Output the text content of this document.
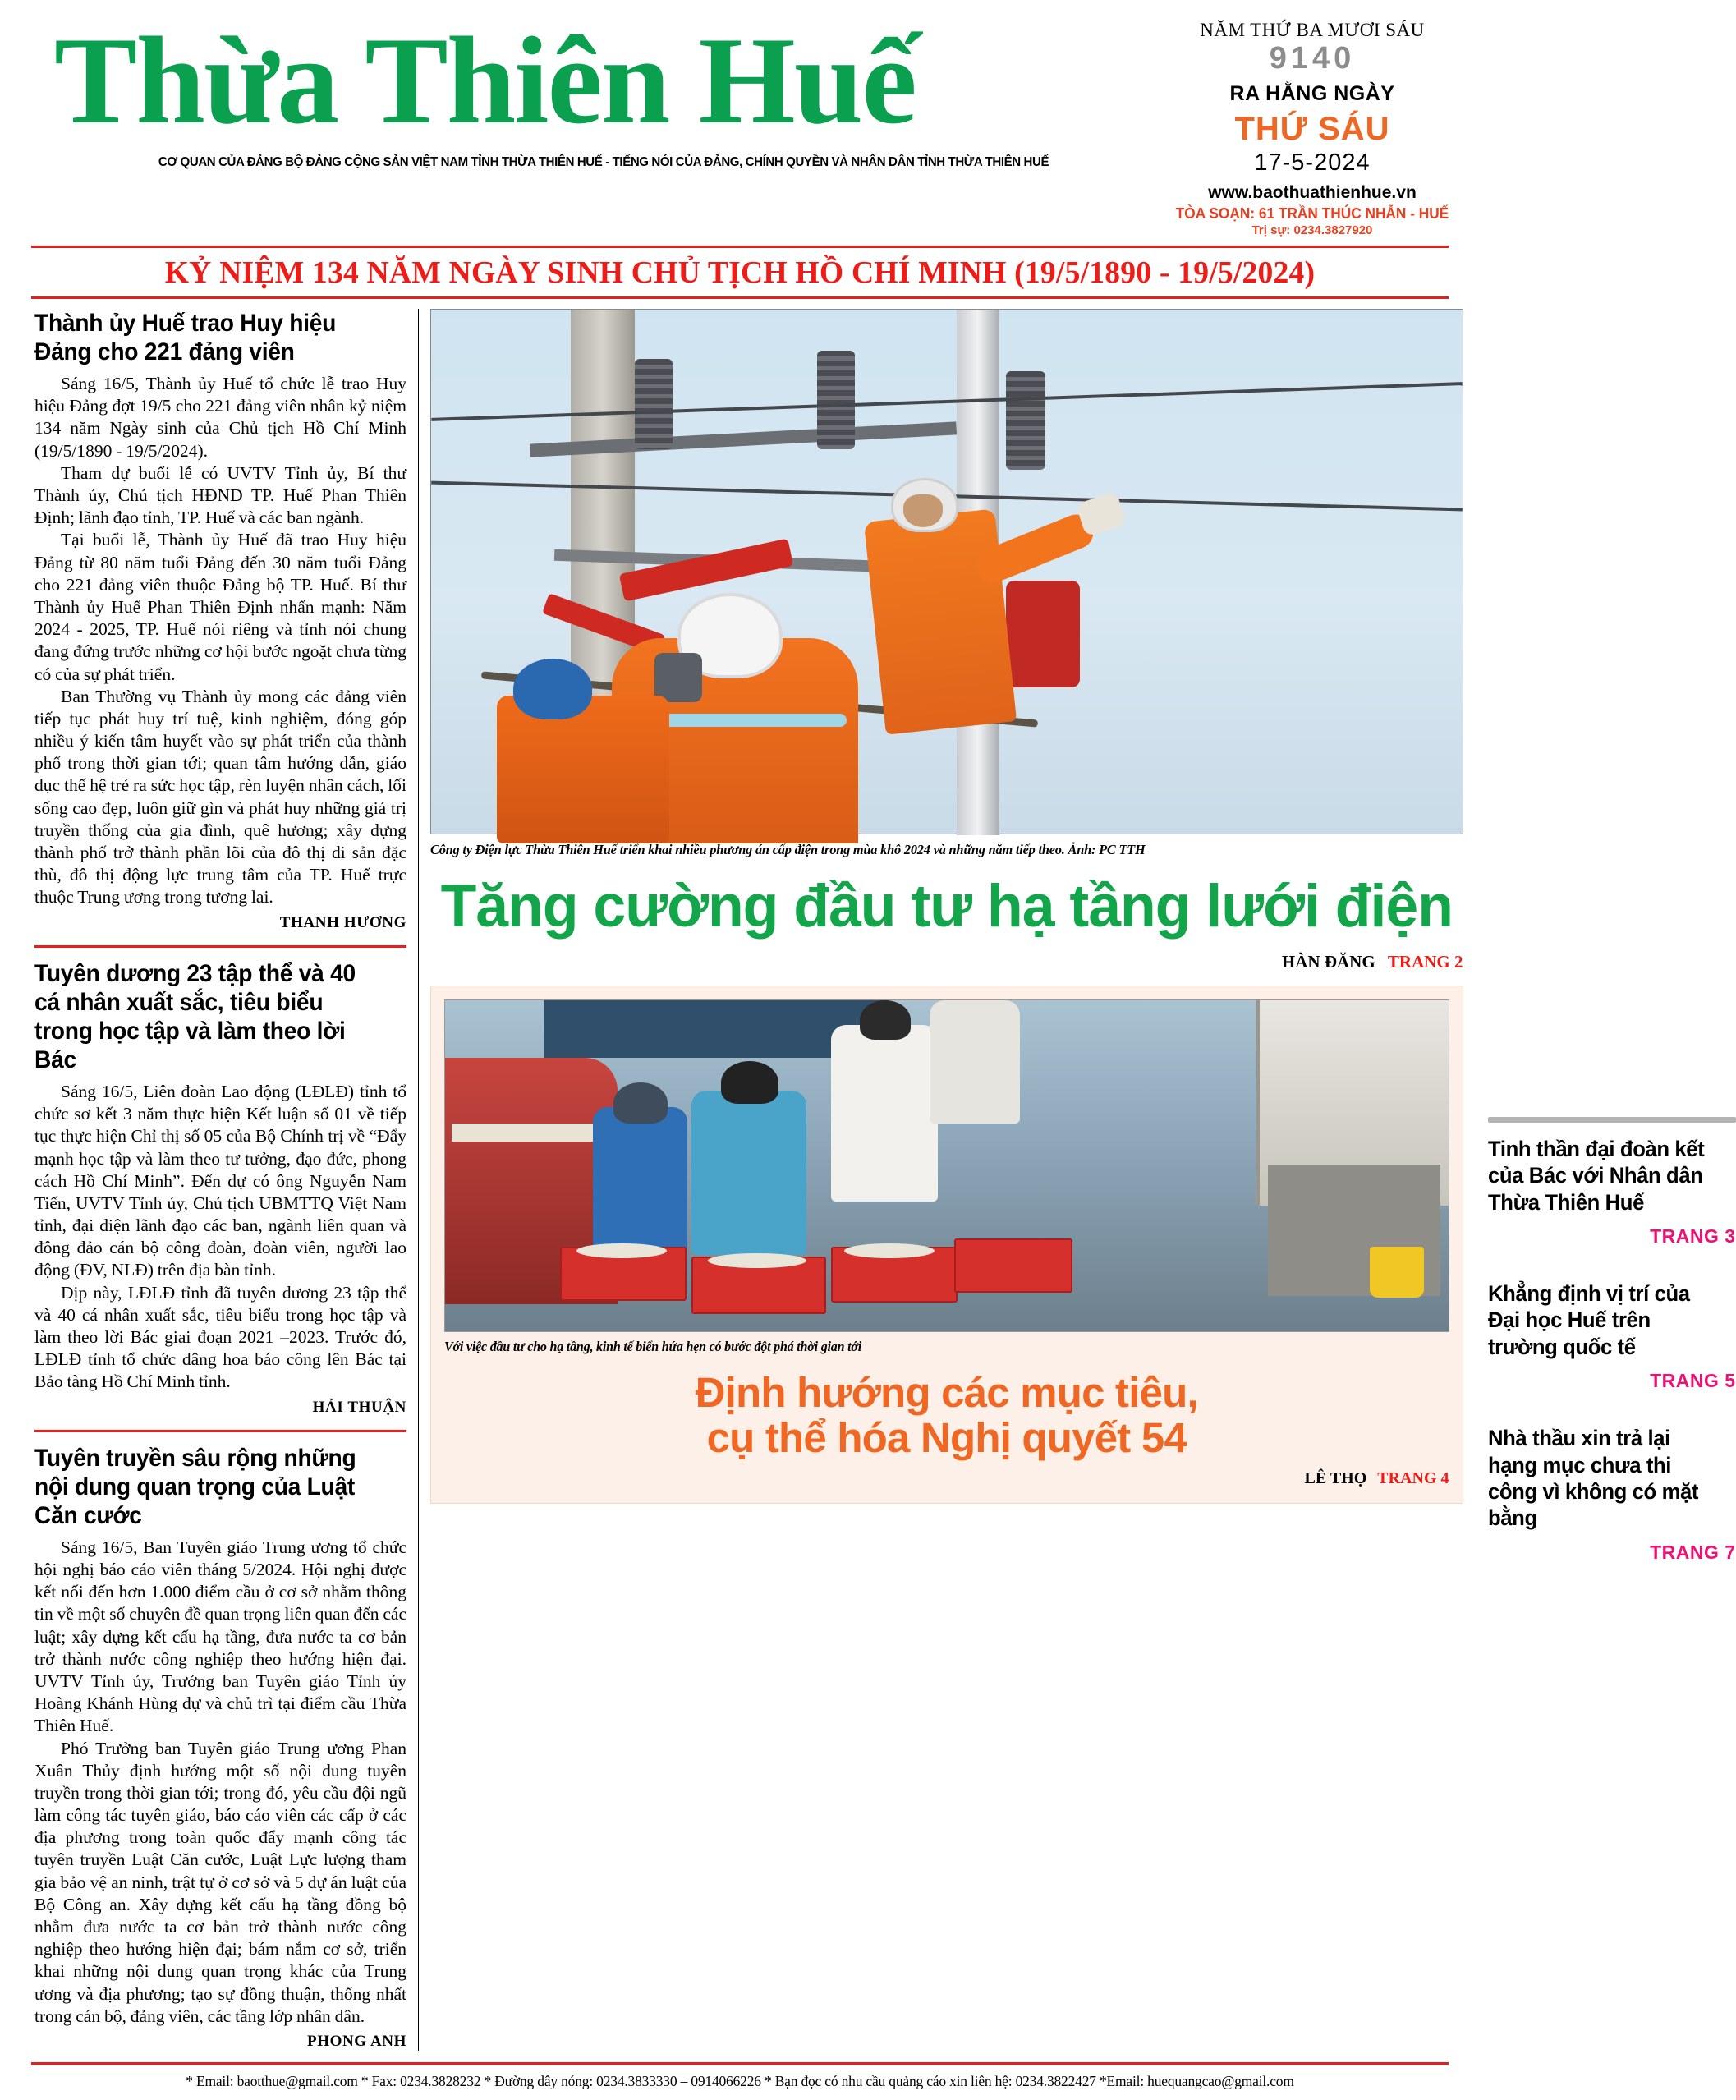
Thừa Thiên Huế
CƠ QUAN CỦA ĐẢNG BỘ ĐẢNG CỘNG SẢN VIỆT NAM TỈNH THỪA THIÊN HUẾ - TIẾNG NÓI CỦA ĐẢNG, CHÍNH QUYỀN VÀ NHÂN DÂN TỈNH THỪA THIÊN HUẾ
NĂM THỨ BA MƯƠI SÁU
9140
RA HẰNG NGÀY
THỨ SÁU
17-5-2024
www.baothuathienhue.vn
TÒA SOẠN: 61 TRẦN THÚC NHẪN - HUẾ
Trị sự: 0234.3827920
KỶ NIỆM 134 NĂM NGÀY SINH CHỦ TỊCH HỒ CHÍ MINH (19/5/1890 - 19/5/2024)
Thành ủy Huế trao Huy hiệu Đảng cho 221 đảng viên

Sáng 16/5, Thành ủy Huế tổ chức lễ trao Huy hiệu Đảng đợt 19/5 cho 221 đảng viên nhân kỷ niệm 134 năm Ngày sinh của Chủ tịch Hồ Chí Minh (19/5/1890 - 19/5/2024).

Tham dự buổi lễ có UVTV Tỉnh ủy, Bí thư Thành ủy, Chủ tịch HĐND TP. Huế Phan Thiên Định; lãnh đạo tỉnh, TP. Huế và các ban ngành.

Tại buổi lễ, Thành ủy Huế đã trao Huy hiệu Đảng từ 80 năm tuổi Đảng đến 30 năm tuổi Đảng cho 221 đảng viên thuộc Đảng bộ TP. Huế. Bí thư Thành ủy Huế Phan Thiên Định nhấn mạnh: Năm 2024 - 2025, TP. Huế nói riêng và tỉnh nói chung đang đứng trước những cơ hội bước ngoặt chưa từng có của sự phát triển.

Ban Thường vụ Thành ủy mong các đảng viên tiếp tục phát huy trí tuệ, kinh nghiệm, đóng góp nhiều ý kiến tâm huyết vào sự phát triển của thành phố trong thời gian tới; quan tâm hướng dẫn, giáo dục thế hệ trẻ ra sức học tập, rèn luyện nhân cách, lối sống cao đẹp, luôn giữ gìn và phát huy những giá trị truyền thống của gia đình, quê hương; xây dựng thành phố trở thành phần lõi của đô thị di sản đặc thù, đô thị động lực trung tâm của TP. Huế trực thuộc Trung ương trong tương lai.

THANH HƯƠNG
Tuyên dương 23 tập thể và 40 cá nhân xuất sắc, tiêu biểu trong học tập và làm theo lời Bác

Sáng 16/5, Liên đoàn Lao động (LĐLĐ) tỉnh tổ chức sơ kết 3 năm thực hiện Kết luận số 01 về tiếp tục thực hiện Chỉ thị số 05 của Bộ Chính trị về “Đẩy mạnh học tập và làm theo tư tưởng, đạo đức, phong cách Hồ Chí Minh”. Đến dự có ông Nguyễn Nam Tiến, UVTV Tỉnh ủy, Chủ tịch UBMTTQ Việt Nam tỉnh, đại diện lãnh đạo các ban, ngành liên quan và đông đảo cán bộ công đoàn, đoàn viên, người lao động (ĐV, NLĐ) trên địa bàn tỉnh.

Dịp này, LĐLĐ tỉnh đã tuyên dương 23 tập thể và 40 cá nhân xuất sắc, tiêu biểu trong học tập và làm theo lời Bác giai đoạn 2021 –2023. Trước đó, LĐLĐ tỉnh tổ chức dâng hoa báo công lên Bác tại Bảo tàng Hồ Chí Minh tỉnh.

HẢI THUẬN
Tuyên truyền sâu rộng những nội dung quan trọng của Luật Căn cước

Sáng 16/5, Ban Tuyên giáo Trung ương tổ chức hội nghị báo cáo viên tháng 5/2024. Hội nghị được kết nối đến hơn 1.000 điểm cầu ở cơ sở nhằm thông tin về một số chuyên đề quan trọng liên quan đến các luật; xây dựng kết cấu hạ tầng, đưa nước ta cơ bản trở thành nước công nghiệp theo hướng hiện đại. UVTV Tỉnh ủy, Trưởng ban Tuyên giáo Tỉnh ủy Hoàng Khánh Hùng dự và chủ trì tại điểm cầu Thừa Thiên Huế.

Phó Trưởng ban Tuyên giáo Trung ương Phan Xuân Thủy định hướng một số nội dung tuyên truyền trong thời gian tới; trong đó, yêu cầu đội ngũ làm công tác tuyên giáo, báo cáo viên các cấp ở các địa phương trong toàn quốc đẩy mạnh công tác tuyên truyền Luật Căn cước, Luật Lực lượng tham gia bảo vệ an ninh, trật tự ở cơ sở và 5 dự án luật của Bộ Công an. Xây dựng kết cấu hạ tầng đồng bộ nhằm đưa nước ta cơ bản trở thành nước công nghiệp theo hướng hiện đại; bám nắm cơ sở, triển khai những nội dung quan trọng khác của Trung ương và địa phương; tạo sự đồng thuận, thống nhất trong cán bộ, đảng viên, các tầng lớp nhân dân.

PHONG ANH
Công ty Điện lực Thừa Thiên Huế triển khai nhiều phương án cấp điện trong mùa khô 2024 và những năm tiếp theo. Ảnh: PC TTH
Tăng cường đầu tư hạ tầng lưới điện
HÀN ĐĂNG TRANG 2
Với việc đầu tư cho hạ tầng, kinh tế biển hứa hẹn có bước đột phá thời gian tới
Định hướng các mục tiêu,
cụ thể hóa Nghị quyết 54
LÊ THỌ TRANG 4
Tinh thần đại đoàn kết của Bác với Nhân dân Thừa Thiên Huế
TRANG 3
Khẳng định vị trí của Đại học Huế trên trường quốc tế
TRANG 5
Nhà thầu xin trả lại hạng mục chưa thi công vì không có mặt bằng
TRANG 7
* Email: baotthue@gmail.com * Fax: 0234.3828232 * Đường dây nóng: 0234.3833330 – 0914066226 * Bạn đọc có nhu cầu quảng cáo xin liên hệ: 0234.3822427 *Email: huequangcao@gmail.com
